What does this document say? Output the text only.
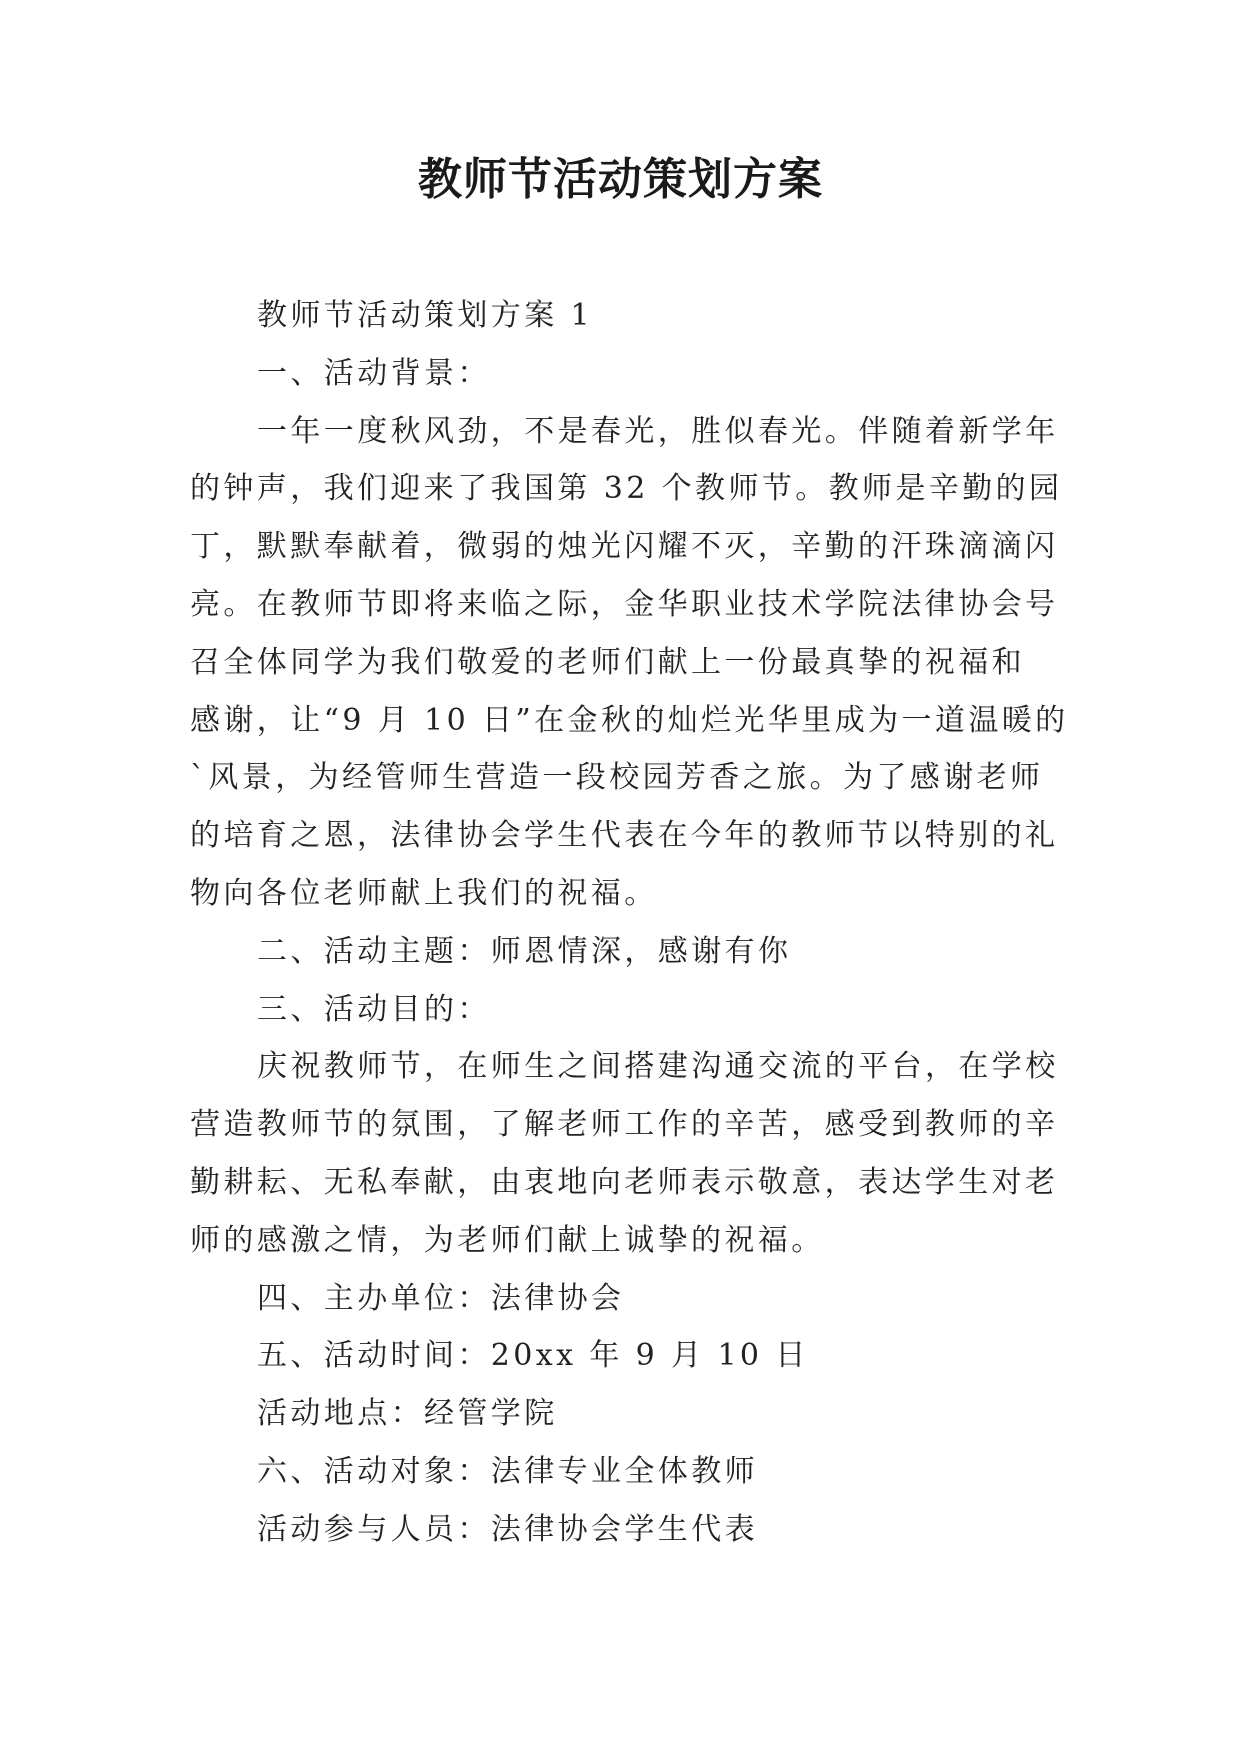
教师节活动策划方案

教师节活动策划方案 1

一、活动背景：

一年一度秋风劲，不是春光，胜似春光。伴随着新学年
的钟声，我们迎来了我国第 32 个教师节。教师是辛勤的园
丁，默默奉献着，微弱的烛光闪耀不灭，辛勤的汗珠滴滴闪
亮。在教师节即将来临之际，金华职业技术学院法律协会号
召全体同学为我们敬爱的老师们献上一份最真挚的祝福和
感谢，让“9 月 10 日”在金秋的灿烂光华里成为一道温暖的
`风景，为经管师生营造一段校园芳香之旅。为了感谢老师
的培育之恩，法律协会学生代表在今年的教师节以特别的礼
物向各位老师献上我们的祝福。

二、活动主题：师恩情深，感谢有你

三、活动目的：

庆祝教师节，在师生之间搭建沟通交流的平台，在学校
营造教师节的氛围，了解老师工作的辛苦，感受到教师的辛
勤耕耘、无私奉献，由衷地向老师表示敬意，表达学生对老
师的感激之情，为老师们献上诚挚的祝福。

四、主办单位：法律协会

五、活动时间：20xx 年 9 月 10 日

活动地点：经管学院

六、活动对象：法律专业全体教师

活动参与人员：法律协会学生代表
